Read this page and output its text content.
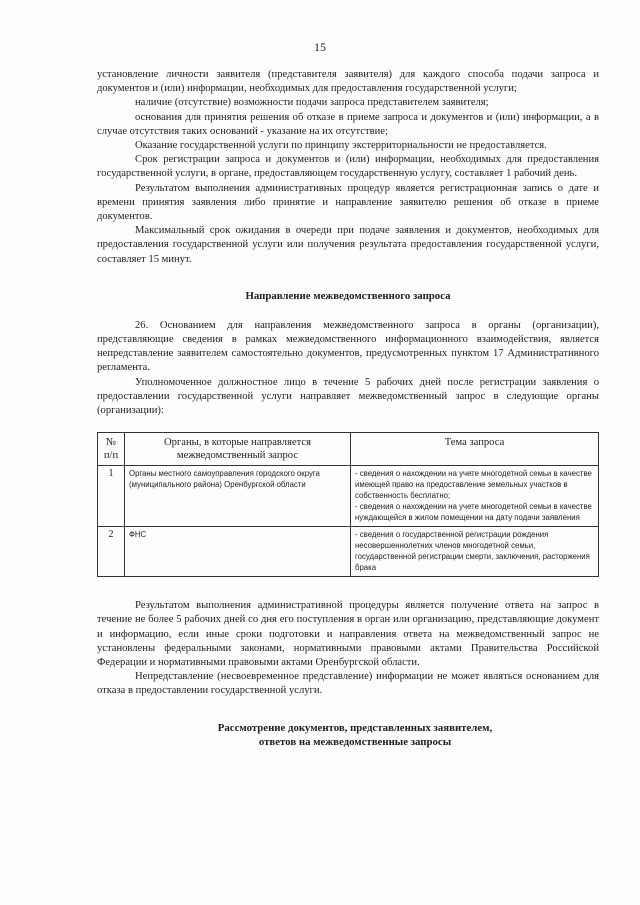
15

установление личности заявителя (представителя заявителя) для каждого способа подачи запроса и документов и (или) информации, необходимых для предоставления государственной услуги;

наличие (отсутствие) возможности подачи запроса представителем заявителя;

основания для принятия решения об отказе в приеме запроса и документов и (или) информации, а в случае отсутствия таких оснований - указание на их отсутствие;

Оказание государственной услуги по принципу экстерриториальности не предоставляется.

Срок регистрации запроса и документов и (или) информации, необходимых для предоставления государственной услуги, в органе, предоставляющем государственную услугу, составляет 1 рабочий день.

Результатом выполнения административных процедур является регистрационная запись о дате и времени принятия заявления либо принятие и направление заявителю решения об отказе в приеме документов.

Максимальный срок ожидания в очереди при подаче заявления и документов, необходимых для предоставления государственной услуги или получения результата предоставления государственной услуги, составляет 15 минут.

Направление межведомственного запроса

26. Основанием для направления межведомственного запроса в органы (организации), представляющие сведения в рамках межведомственного информационного взаимодействия, является непредставление заявителем самостоятельно документов, предусмотренных пунктом 17 Административного регламента.

Уполномоченное должностное лицо в течение 5 рабочих дней после регистрации заявления о предоставлении государственной услуги направляет межведомственный запрос в следующие органы (организации):

№ п/п	Органы, в которые направляется межведомственный запрос	Тема запроса
1	Органы местного самоуправления городского округа (муниципального района) Оренбургской области	- сведения о нахождении на учете многодетной семьи в качестве имеющей право на предоставление земельных участков в собственность бесплатно;
- сведения о нахождении на учете многодетной семьи в качестве нуждающейся в жилом помещении на дату подачи заявления

2	ФНС	- сведения о государственной регистрации рождения несовершеннолетних членов многодетной семьи, государственной регистрации смерти, заключения, расторжения брака

Результатом выполнения административной процедуры является получение ответа на запрос в течение не более 5 рабочих дней со дня его поступления в орган или организацию, представляющие документ и информацию, если иные сроки подготовки и направления ответа на межведомственный запрос не установлены федеральными законами, нормативными правовыми актами Правительства Российской Федерации и нормативными правовыми актами Оренбургской области.

Непредставление (несвоевременное представление) информации не может являться основанием для отказа в предоставлении государственной услуги.

Рассмотрение документов, представленных заявителем,
ответов на межведомственные запросы
